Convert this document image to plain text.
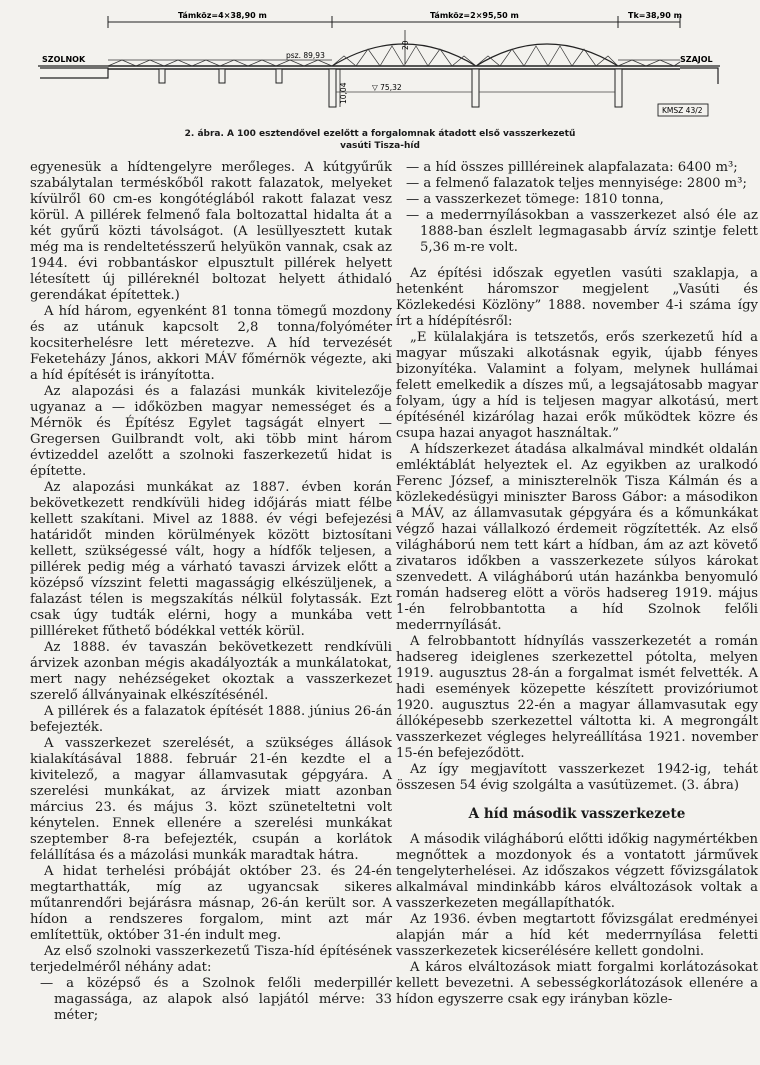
Támköz=4×38,90 m	Támköz=2×95,50 m	Tk=38,90 m
SZOLNOK	SZAJOL
psz. 89,93
20
10,04	▽ 75,32
KMSZ 43/2
2. ábra. A 100 esztendővel ezelőtt a forgalomnak átadott első vasszerkezetű vasúti Tisza-híd

egyenesük a hídtengelyre merőleges. A kútgyűrűk szabálytalan terméskőből rakott falazatok, melyeket kívülről 60 cm-es kongótéglából rakott falazat vesz körül. A pillérek felmenő fala boltozattal hidalta át a két gyűrű közti távolságot. (A lesüllyesztett kutak még ma is rendeltetésszerű helyükön vannak, csak az 1944. évi robbantáskor elpusztult pillérek helyett létesített új pilléreknél boltozat helyett áthidaló gerendákat építettek.)

A híd három, egyenként 81 tonna tömegű mozdony és az utánuk kapcsolt 2,8 tonna/folyóméter kocsiterhelésre lett méretezve. A híd tervezését Feketeházy János, akkori MÁV főmérnök végezte, aki a híd építését is irányította.

Az alapozási és a falazási munkák kivitelezője ugyanaz a — időközben magyar nemességet és a Mérnök és Építész Egylet tagságát elnyert — Gregersen Guilbrandt volt, aki több mint három évtizeddel azelőtt a szolnoki faszerkezetű hidat is építette.

Az alapozási munkákat az 1887. évben korán bekövetkezett rendkívüli hideg időjárás miatt félbe kellett szakítani. Mivel az 1888. év végi befejezési határidőt minden körülmények között biztosítani kellett, szükségessé vált, hogy a hídfők teljesen, a pillérek pedig még a várható tavaszi árvizek előtt a középső vízszint feletti magasságig elkészüljenek, a falazást télen is megszakítás nélkül folytassák. Ezt csak úgy tudták elérni, hogy a munkába vett pillléreket fűthető bódékkal vették körül.

Az 1888. év tavaszán bekövetkezett rendkívüli árvizek azonban mégis akadályozták a munkálatokat, mert nagy nehézségeket okoztak a vasszerkezet szerelő állványainak elkészítésénél.

A pillérek és a falazatok építését 1888. június 26-án befejezték.

A vasszerkezet szerelését, a szükséges állások kialakításával 1888. február 21-én kezdte el a kivitelező, a magyar államvasutak gépgyára. A szerelési munkákat, az árvizek miatt azonban március 23. és május 3. közt szüneteltetni volt kénytelen. Ennek ellenére a szerelési munkákat szeptember 8-ra befejezték, csupán a korlátok felállítása és a mázolási munkák maradtak hátra.

A hidat terhelési próbáját október 23. és 24-én megtarthatták, míg az ugyancsak sikeres műtanrendőri bejárásra másnap, 26-án került sor. A hídon a rendszeres forgalom, mint azt már említettük, október 31-én indult meg.

Az első szolnoki vasszerkezetű Tisza-híd építésének terjedelméről néhány adat:

— a középső és a Szolnok felőli mederpillér magassága, az alapok alsó lapjától mérve: 33 méter;
— a híd összes pillléreinek alapfalazata: 6400 m³;
— a felmenő falazatok teljes mennyisége: 2800 m³;
— a vasszerkezet tömege: 1810 tonna,
— a mederrnyílásokban a vasszerkezet alsó éle az 1888-ban észlelt legmagasabb árvíz szintje felett 5,36 m-re volt.

Az építési időszak egyetlen vasúti szaklapja, a hetenként háromszor megjelent „Vasúti és Közlekedési Közlöny” 1888. november 4-i száma így írt a hídépítésről:

„E külalakjára is tetszetős, erős szerkezetű híd a magyar műszaki alkotásnak egyik, újabb fényes bizonyítéka. Valamint a folyam, melynek hullámai felett emelkedik a díszes mű, a legsajátosabb magyar folyam, úgy a híd is teljesen magyar alkotású, mert építésénél kizárólag hazai erők működtek közre és csupa hazai anyagot használtak.”

A hídszerkezet átadása alkalmával mindkét oldalán emléktáblát helyeztek el. Az egyikben az uralkodó Ferenc József, a miniszterelnök Tisza Kálmán és a közlekedésügyi miniszter Baross Gábor: a másodikon a MÁV, az államvasutak gépgyára és a kőmunkákat végző hazai vállalkozó érdemeit rögzítették. Az első világháború nem tett kárt a hídban, ám az azt követő zivataros időkben a vasszerkezete súlyos károkat szenvedett. A világháború után hazánkba benyomuló román hadsereg elött a vörös hadsereg 1919. május 1-én felrobbantotta a híd Szolnok felőli mederrnyílását.

A felrobbantott hídnyílás vasszerkezetét a román hadsereg ideiglenes szerkezettel pótolta, melyen 1919. augusztus 28-án a forgalmat ismét felvették. A hadi események közepette készített provizóriumot 1920. augusztus 22-én a magyar államvasutak egy állóképesebb szerkezettel váltotta ki. A megrongált vasszerkezet végleges helyreállítása 1921. november 15-én befejeződött.

Az így megjavított vasszerkezet 1942-ig, tehát összesen 54 évig szolgálta a vasútüzemet. (3. ábra)

A híd második vasszerkezete

A második világháború előtti időkig nagymértékben megnőttek a mozdonyok és a vontatott járművek tengelyterhelései. Az időszakos végzett fővizsgálatok alkalmával mindinkább káros elváltozások voltak a vasszerkezeten megállapíthatók.

Az 1936. évben megtartott fővizsgálat eredményei alapján már a híd két mederrnyílása feletti vasszerkezetek kicserélésére kellett gondolni.

A káros elváltozások miatt forgalmi korlátozásokat kellett bevezetni. A sebességkorlátozások ellenére a hídon egyszerre csak egy irányban közle-
